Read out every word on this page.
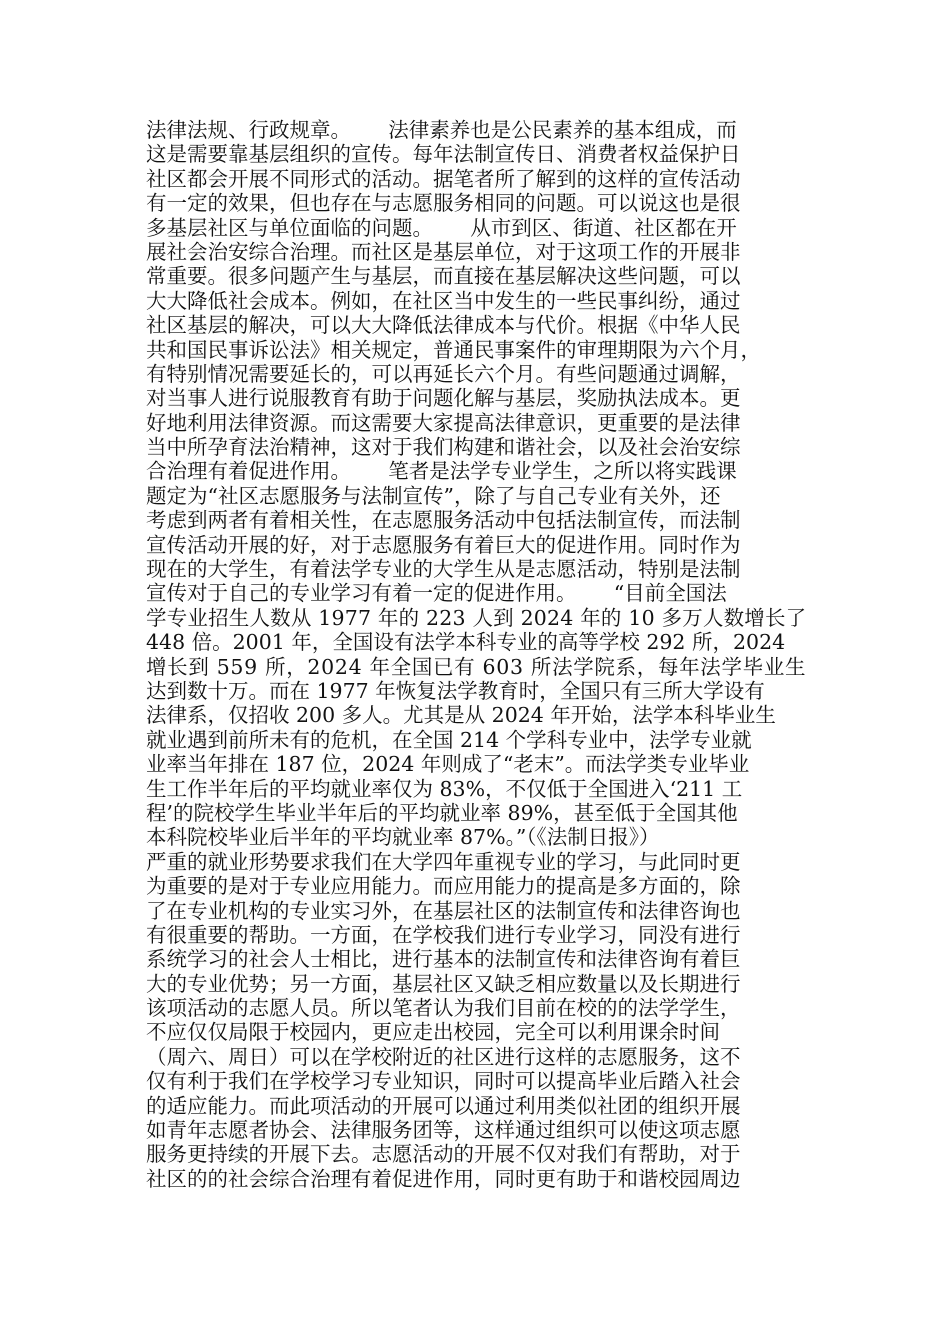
法律法规、行政规章。　　 法律素养也是公民素养的基本组成，而
这是需要靠基层组织的宣传。每年法制宣传日、消费者权益保护日
社区都会开展不同形式的活动。据笔者所了解到的这样的宣传活动
有一定的效果，但也存在与志愿服务相同的问题。可以说这也是很
多基层社区与单位面临的问题。　　 从市到区、街道、社区都在开
展社会治安综合治理。而社区是基层单位，对于这项工作的开展非
常重要。很多问题产生与基层，而直接在基层解决这些问题，可以
大大降低社会成本。例如，在社区当中发生的一些民事纠纷，通过
社区基层的解决，可以大大降低法律成本与代价。根据《中华人民
共和国民事诉讼法》相关规定，普通民事案件的审理期限为六个月，
有特别情况需要延长的，可以再延长六个月。有些问题通过调解，
对当事人进行说服教育有助于问题化解与基层，奖励执法成本。更
好地利用法律资源。而这需要大家提高法律意识，更重要的是法律
当中所孕育法治精神，这对于我们构建和谐社会，以及社会治安综
合治理有着促进作用。　　 笔者是法学专业学生，之所以将实践课
题定为“社区志愿服务与法制宣传”，除了与自己专业有关外，还
考虑到两者有着相关性，在志愿服务活动中包括法制宣传，而法制
宣传活动开展的好，对于志愿服务有着巨大的促进作用。同时作为
现在的大学生，有着法学专业的大学生从是志愿活动，特别是法制
宣传对于自己的专业学习有着一定的促进作用。　　 “目前全国法
学专业招生人数从 1977 年的 223 人到 2024 年的 10 多万人数增长了
448 倍。2001 年，全国设有法学本科专业的高等学校 292 所，2024
增长到 559 所，2024 年全国已有 603 所法学院系，每年法学毕业生
达到数十万。而在 1977 年恢复法学教育时，全国只有三所大学设有
法律系，仅招收 200 多人。尤其是从 2024 年开始，法学本科毕业生
就业遇到前所未有的危机，在全国 214 个学科专业中，法学专业就
业率当年排在 187 位，2024 年则成了“老末”。而法学类专业毕业
生工作半年后的平均就业率仅为 83%，不仅低于全国进入‘211 工
程’的院校学生毕业半年后的平均就业率 89%，甚至低于全国其他
本科院校毕业后半年的平均就业率 87%。”（《法制日报》）
严重的就业形势要求我们在大学四年重视专业的学习，与此同时更
为重要的是对于专业应用能力。而应用能力的提高是多方面的，除
了在专业机构的专业实习外，在基层社区的法制宣传和法律咨询也
有很重要的帮助。一方面，在学校我们进行专业学习，同没有进行
系统学习的社会人士相比，进行基本的法制宣传和法律咨询有着巨
大的专业优势；另一方面，基层社区又缺乏相应数量以及长期进行
该项活动的志愿人员。所以笔者认为我们目前在校的的法学学生，
不应仅仅局限于校园内，更应走出校园，完全可以利用课余时间
（周六、周日）可以在学校附近的社区进行这样的志愿服务，这不
仅有利于我们在学校学习专业知识，同时可以提高毕业后踏入社会
的适应能力。而此项活动的开展可以通过利用类似社团的组织开展
如青年志愿者协会、法律服务团等，这样通过组织可以使这项志愿
服务更持续的开展下去。志愿活动的开展不仅对我们有帮助，对于
社区的的社会综合治理有着促进作用，同时更有助于和谐校园周边
